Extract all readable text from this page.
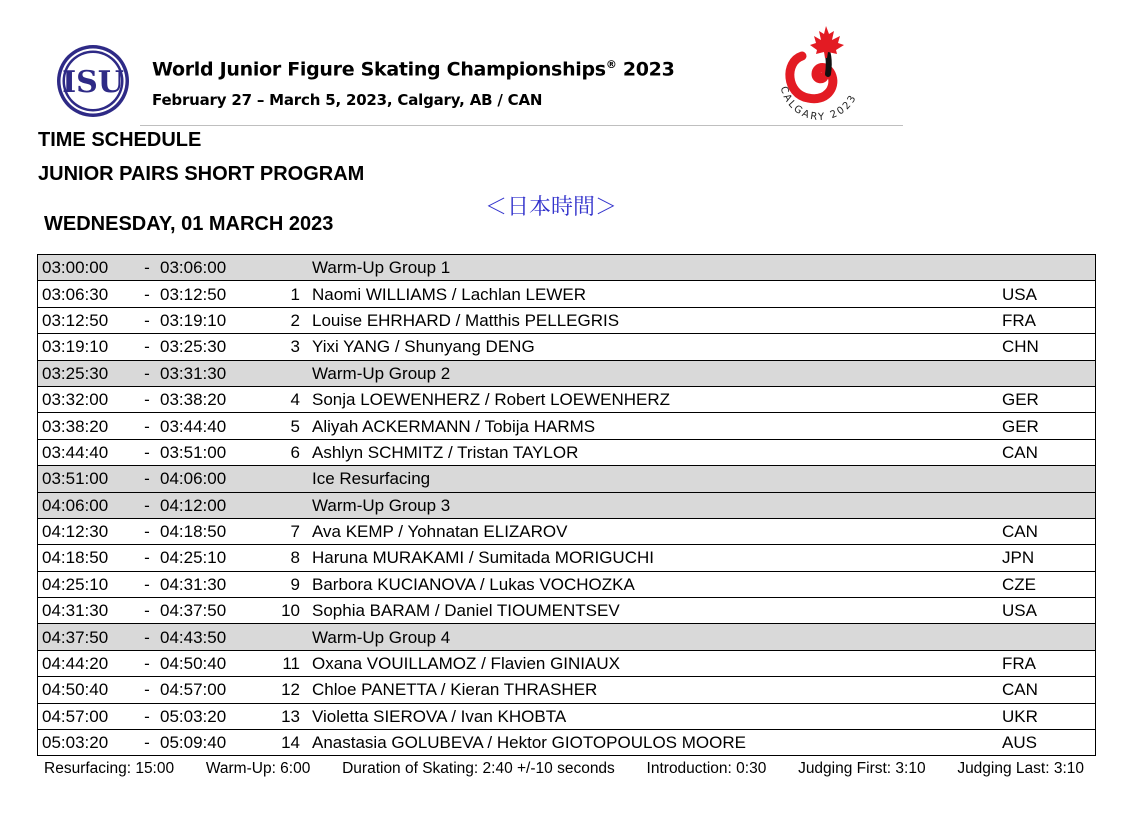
ISU World Junior Figure Skating Championships® 2023
February 27 – March 5, 2023, Calgary, AB / CAN	CALGARY 2023
TIME SCHEDULE
JUNIOR PAIRS SHORT PROGRAM
＜日本時間＞
WEDNESDAY, 01 MARCH 2023
03:00:00	-	03:06:00		Warm-Up Group 1	
03:06:30	-	03:12:50	1	Naomi WILLIAMS / Lachlan LEWER	USA
03:12:50	-	03:19:10	2	Louise EHRHARD / Matthis PELLEGRIS	FRA
03:19:10	-	03:25:30	3	Yixi YANG / Shunyang DENG	CHN
03:25:30	-	03:31:30		Warm-Up Group 2	
03:32:00	-	03:38:20	4	Sonja LOEWENHERZ / Robert LOEWENHERZ	GER
03:38:20	-	03:44:40	5	Aliyah ACKERMANN / Tobija HARMS	GER
03:44:40	-	03:51:00	6	Ashlyn SCHMITZ / Tristan TAYLOR	CAN
03:51:00	-	04:06:00		Ice Resurfacing	
04:06:00	-	04:12:00		Warm-Up Group 3	
04:12:30	-	04:18:50	7	Ava KEMP / Yohnatan ELIZAROV	CAN
04:18:50	-	04:25:10	8	Haruna MURAKAMI / Sumitada MORIGUCHI	JPN
04:25:10	-	04:31:30	9	Barbora KUCIANOVA / Lukas VOCHOZKA	CZE
04:31:30	-	04:37:50	10	Sophia BARAM / Daniel TIOUMENTSEV	USA
04:37:50	-	04:43:50		Warm-Up Group 4	
04:44:20	-	04:50:40	11	Oxana VOUILLAMOZ / Flavien GINIAUX	FRA
04:50:40	-	04:57:00	12	Chloe PANETTA / Kieran THRASHER	CAN
04:57:00	-	05:03:20	13	Violetta SIEROVA / Ivan KHOBTA	UKR
05:03:20	-	05:09:40	14	Anastasia GOLUBEVA / Hektor GIOTOPOULOS MOORE	AUS
Resurfacing: 15:00 Warm-Up: 6:00 Duration of Skating: 2:40 +/-10 seconds Introduction: 0:30 Judging First: 3:10 Judging Last: 3:10
